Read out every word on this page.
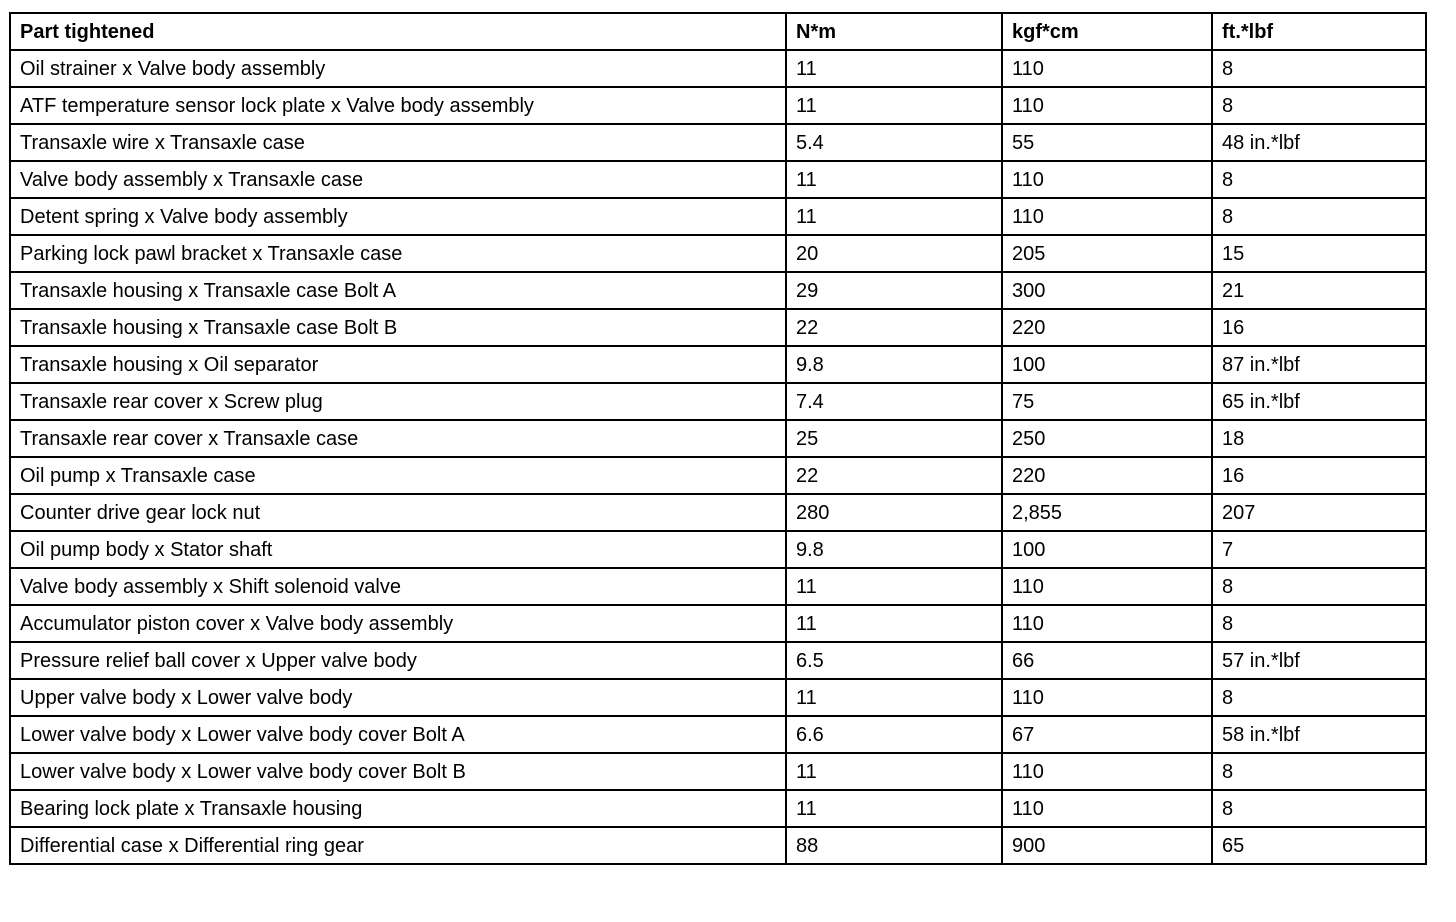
Part tightened	N*m	kgf*cm	ft.*lbf
Oil strainer x Valve body assembly	11	110	8
ATF temperature sensor lock plate x Valve body assembly	11	110	8
Transaxle wire x Transaxle case	5.4	55	48 in.*lbf
Valve body assembly x Transaxle case	11	110	8
Detent spring x Valve body assembly	11	110	8
Parking lock pawl bracket x Transaxle case	20	205	15
Transaxle housing x Transaxle case Bolt A	29	300	21
Transaxle housing x Transaxle case Bolt B	22	220	16
Transaxle housing x Oil separator	9.8	100	87 in.*lbf
Transaxle rear cover x Screw plug	7.4	75	65 in.*lbf
Transaxle rear cover x Transaxle case	25	250	18
Oil pump x Transaxle case	22	220	16
Counter drive gear lock nut	280	2,855	207
Oil pump body x Stator shaft	9.8	100	7
Valve body assembly x Shift solenoid valve	11	110	8
Accumulator piston cover x Valve body assembly	11	110	8
Pressure relief ball cover x Upper valve body	6.5	66	57 in.*lbf
Upper valve body x Lower valve body	11	110	8
Lower valve body x Lower valve body cover Bolt A	6.6	67	58 in.*lbf
Lower valve body x Lower valve body cover Bolt B	11	110	8
Bearing lock plate x Transaxle housing	11	110	8
Differential case x Differential ring gear	88	900	65
